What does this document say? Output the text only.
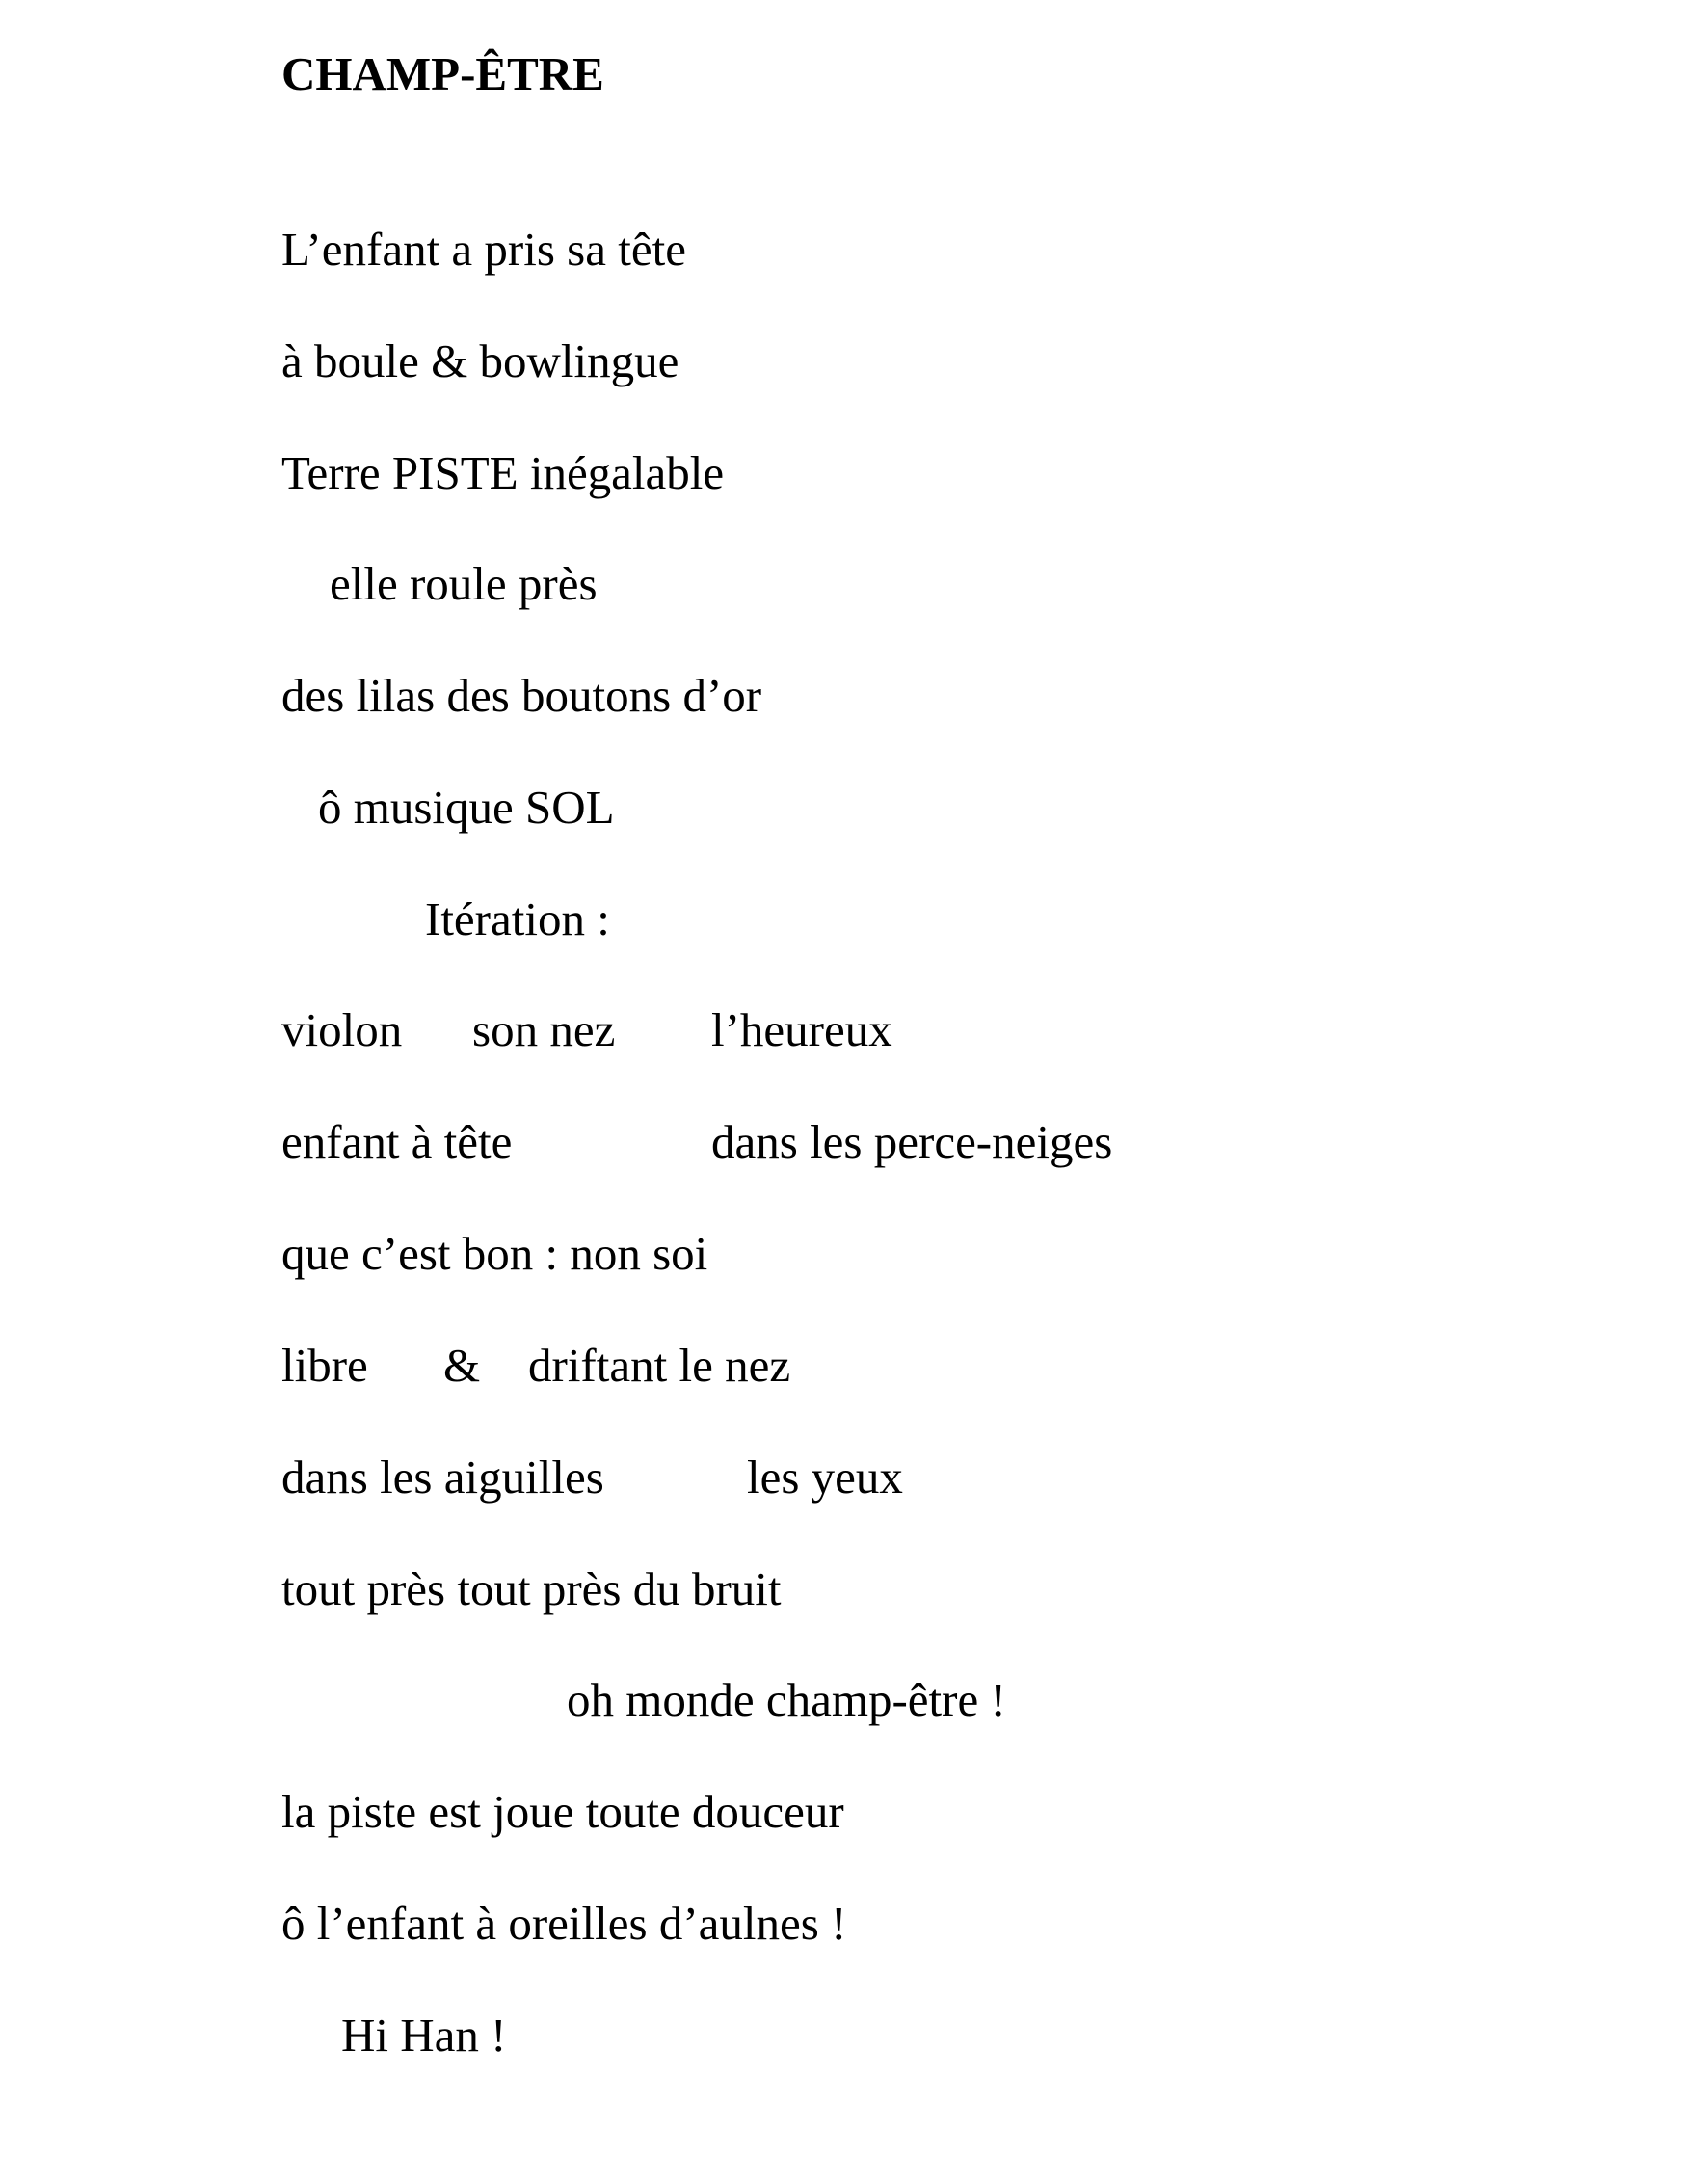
CHAMP-ÊTRE
L’enfant a pris sa tête
à boule & bowlingue
Terre PISTE inégalable
elle roule près
des lilas des boutons d’or
ô musique SOL
Itération :
violon son nez l’heureux
enfant à tête	dans les perce-neiges
que c’est bon : non soi
libre & driftant le nez
dans les aiguilles	les yeux
tout près tout près du bruit
oh monde champ-être !
la piste est joue toute douceur
ô l’enfant à oreilles d’aulnes !
Hi Han !
